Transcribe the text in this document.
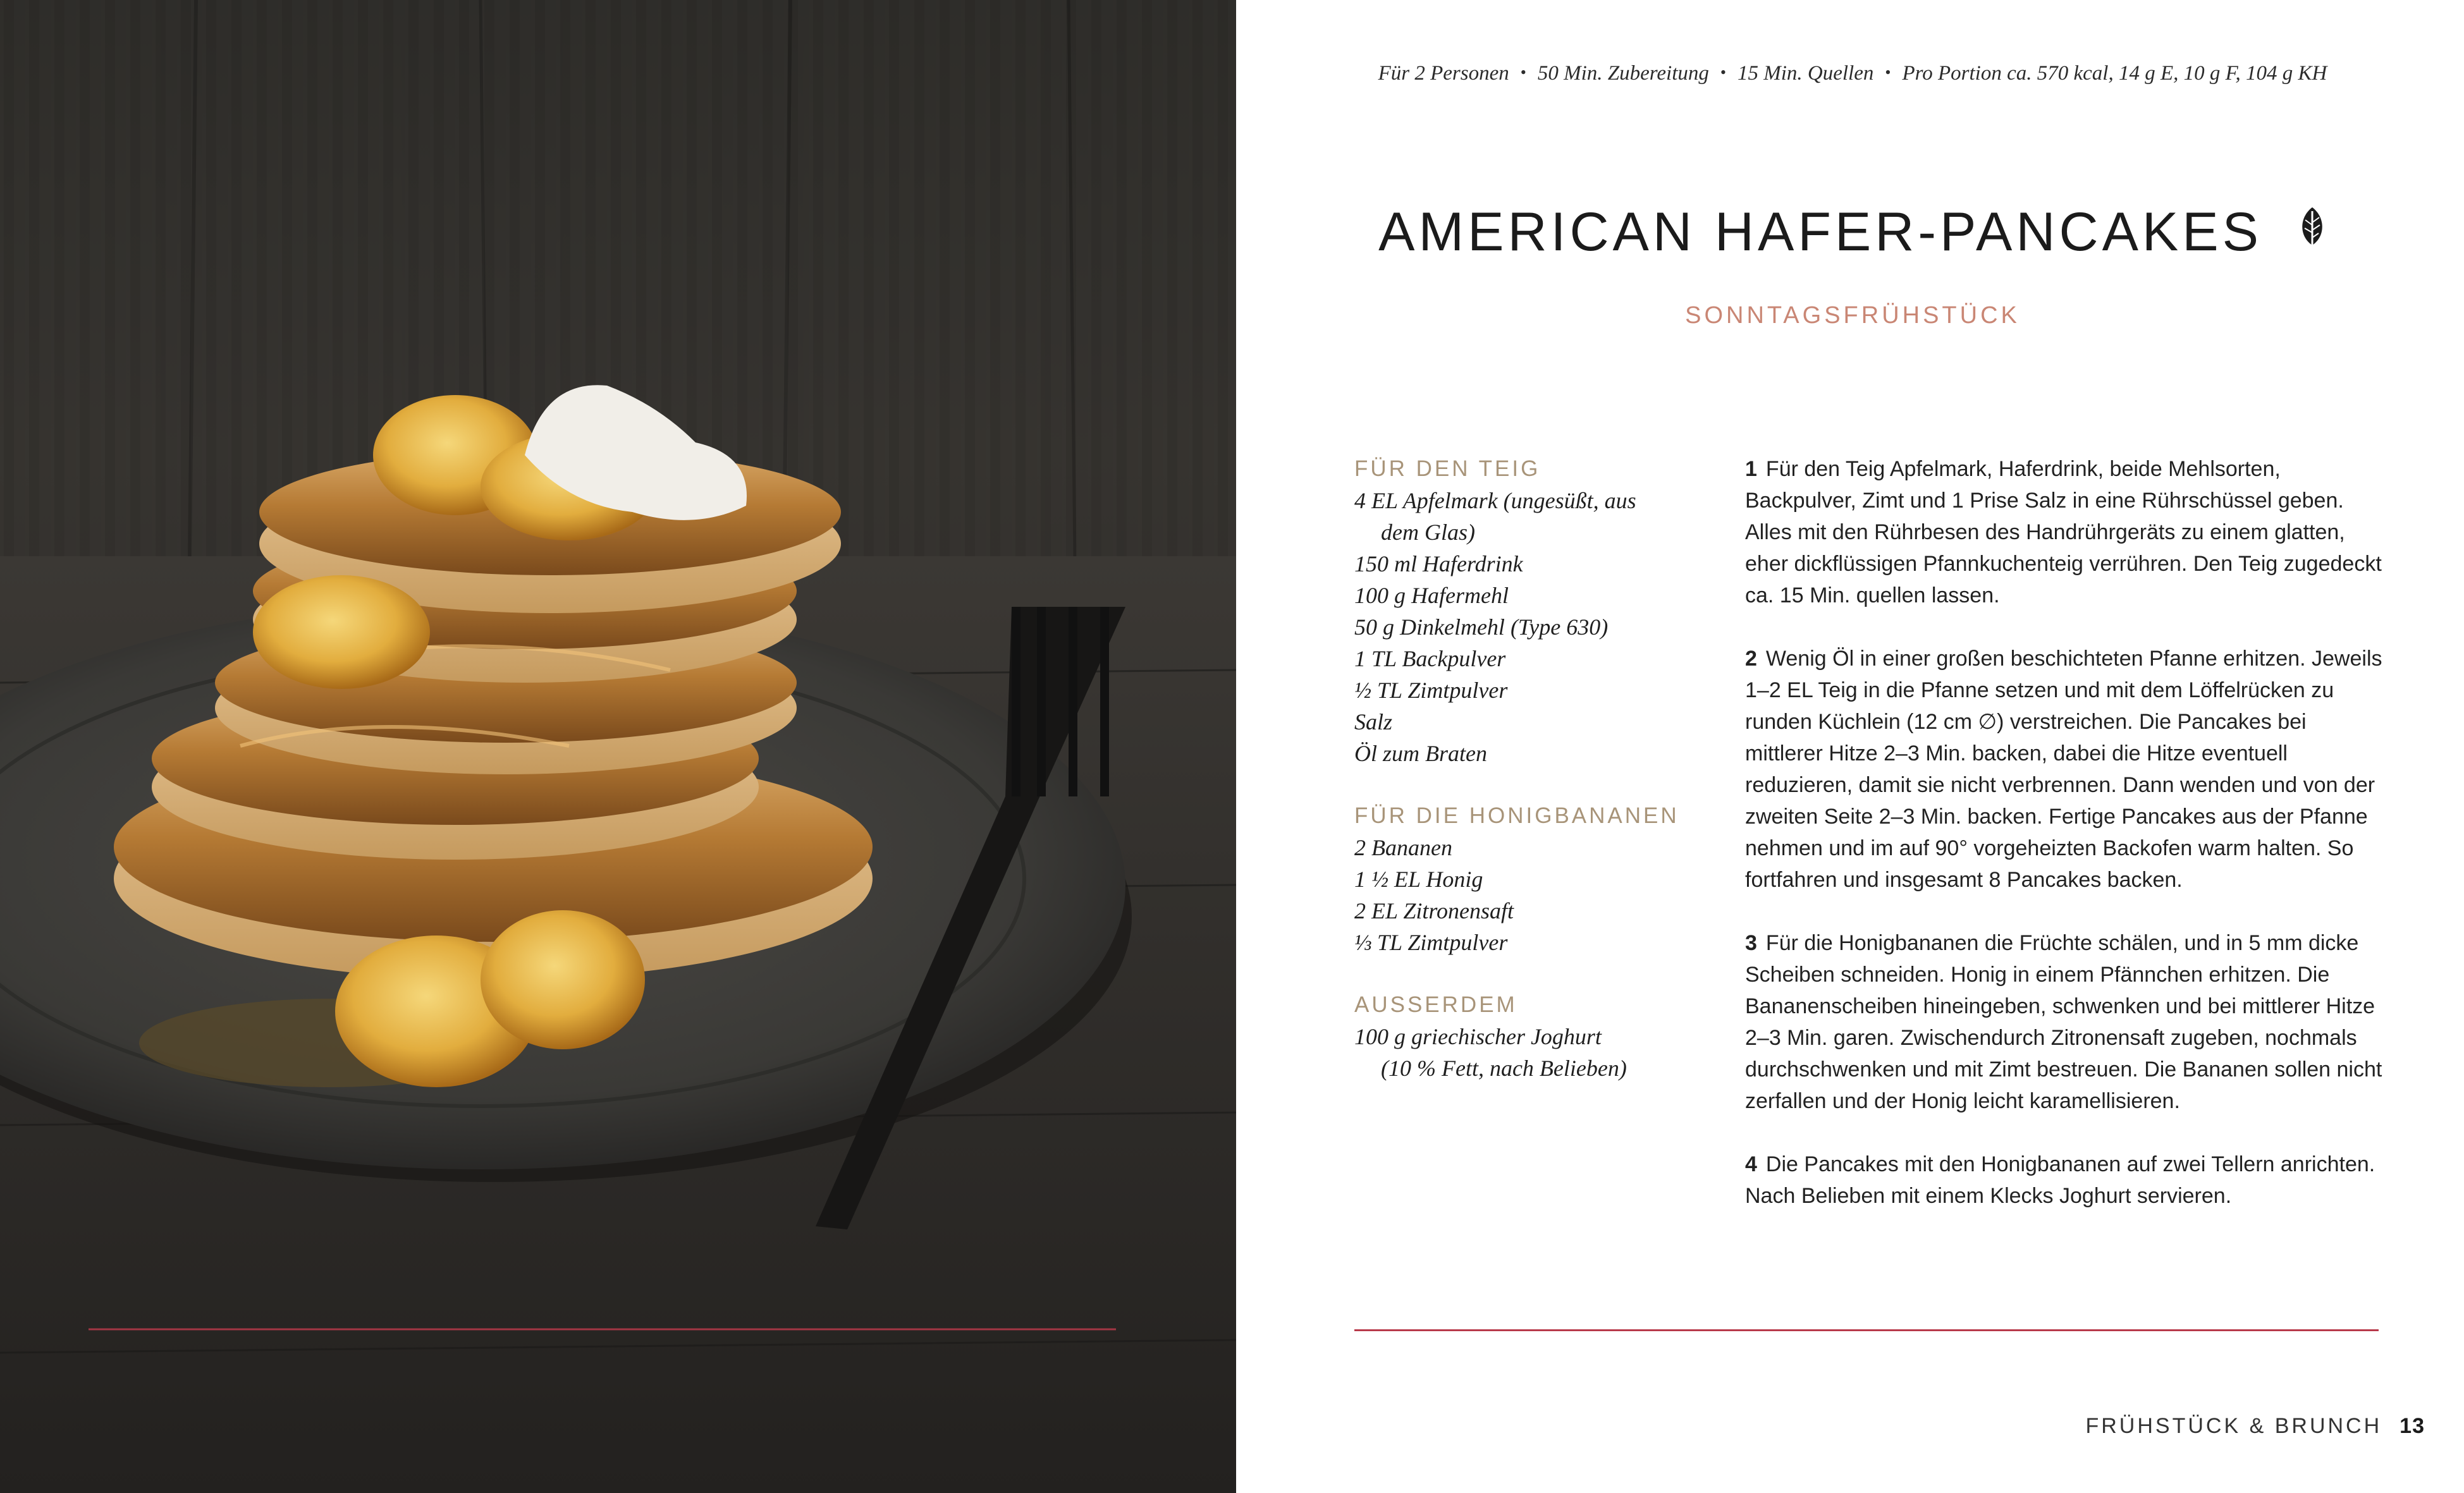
Für 2 Personen • 50 Min. Zubereitung • 15 Min. Quellen • Pro Portion ca. 570 kcal, 14 g E, 10 g F, 104 g KH
AMERICAN HAFER-PANCAKES
SONNTAGSFRÜHSTÜCK
FÜR DEN TEIG
4 EL Apfelmark (ungesüßt, aus
dem Glas)
150 ml Haferdrink
100 g Hafermehl
50 g Dinkelmehl (Type 630)
1 TL Backpulver
½ TL Zimtpulver
Salz
Öl zum Braten
FÜR DIE HONIGBANANEN
2 Bananen
1 ½ EL Honig
2 EL Zitronensaft
⅓ TL Zimtpulver
AUSSERDEM
100 g griechischer Joghurt
(10 % Fett, nach Belieben)

1 Für den Teig Apfelmark, Haferdrink, beide Mehlsorten, Backpulver, Zimt und 1 Prise Salz in eine Rührschüssel geben. Alles mit den Rührbesen des Handrührgeräts zu einem glatten, eher dickflüssigen Pfannkuchenteig verrühren. Den Teig zugedeckt ca. 15 Min. quellen lassen.

2 Wenig Öl in einer großen beschichteten Pfanne erhitzen. Jeweils 1–2 EL Teig in die Pfanne setzen und mit dem Löffelrücken zu runden Küchlein (12 cm ∅) verstreichen. Die Pancakes bei mittlerer Hitze 2–3 Min. backen, dabei die Hitze eventuell reduzieren, damit sie nicht verbrennen. Dann wenden und von der zweiten Seite 2–3 Min. backen. Fertige Pancakes aus der Pfanne nehmen und im auf 90° vorgeheizten Backofen warm halten. So fortfahren und insgesamt 8 Pancakes backen.

3 Für die Honigbananen die Früchte schälen, und in 5 mm dicke Scheiben schneiden. Honig in einem Pfännchen erhitzen. Die Bananenscheiben hineingeben, schwenken und bei mittlerer Hitze 2–3 Min. garen. Zwischendurch Zitronensaft zugeben, nochmals durchschwenken und mit Zimt bestreuen. Die Bananen sollen nicht zerfallen und der Honig leicht karamellisieren.

4 Die Pancakes mit den Honigbananen auf zwei Tellern anrichten. Nach Belieben mit einem Klecks Joghurt servieren.

FRÜHSTÜCK & BRUNCH 13
